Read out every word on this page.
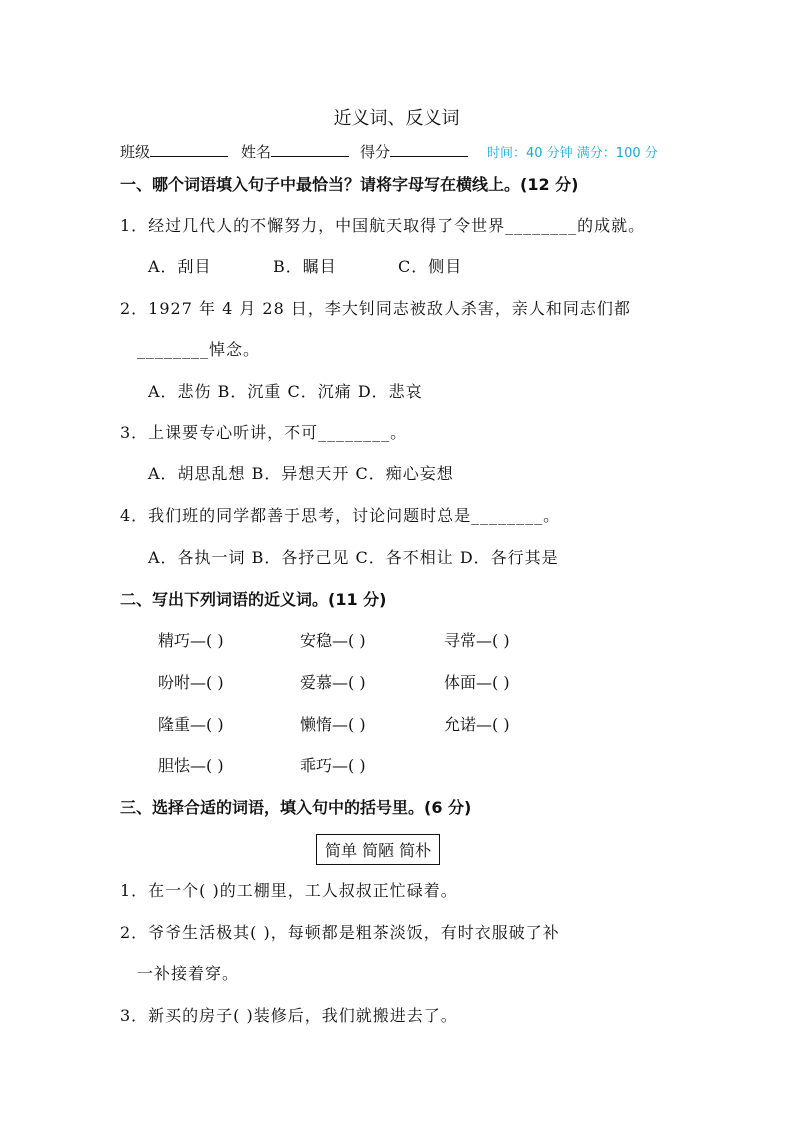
近义词、反义词
班级	姓名	得分	时间：40 分钟 满分：100 分
一、哪个词语填入句子中最恰当？请将字母写在横线上。(12 分)
1．经过几代人的不懈努力，中国航天取得了令世界________的成就。
A．刮目	B．瞩目	C．侧目
2．1927 年 4 月 28 日，李大钊同志被敌人杀害，亲人和同志们都
________悼念。
A．悲伤 B．沉重 C．沉痛 D．悲哀
3．上课要专心听讲，不可________。
A．胡思乱想 B．异想天开 C．痴心妄想
4．我们班的同学都善于思考，讨论问题时总是________。
A．各执一词 B．各抒己见 C．各不相让 D．各行其是
二、写出下列词语的近义词。(11 分)
精巧—( )	安稳—( )	寻常—( )
吩咐—( )	爱慕—( )	体面—( )
隆重—( )	懒惰—( )	允诺—( )
胆怯—( )	乖巧—( )
三、选择合适的词语，填入句中的括号里。(6 分)
简单 简陋 简朴
1．在一个( )的工棚里，工人叔叔正忙碌着。
2．爷爷生活极其( )，每顿都是粗茶淡饭，有时衣服破了补
一补接着穿。
3．新买的房子( )装修后，我们就搬进去了。
